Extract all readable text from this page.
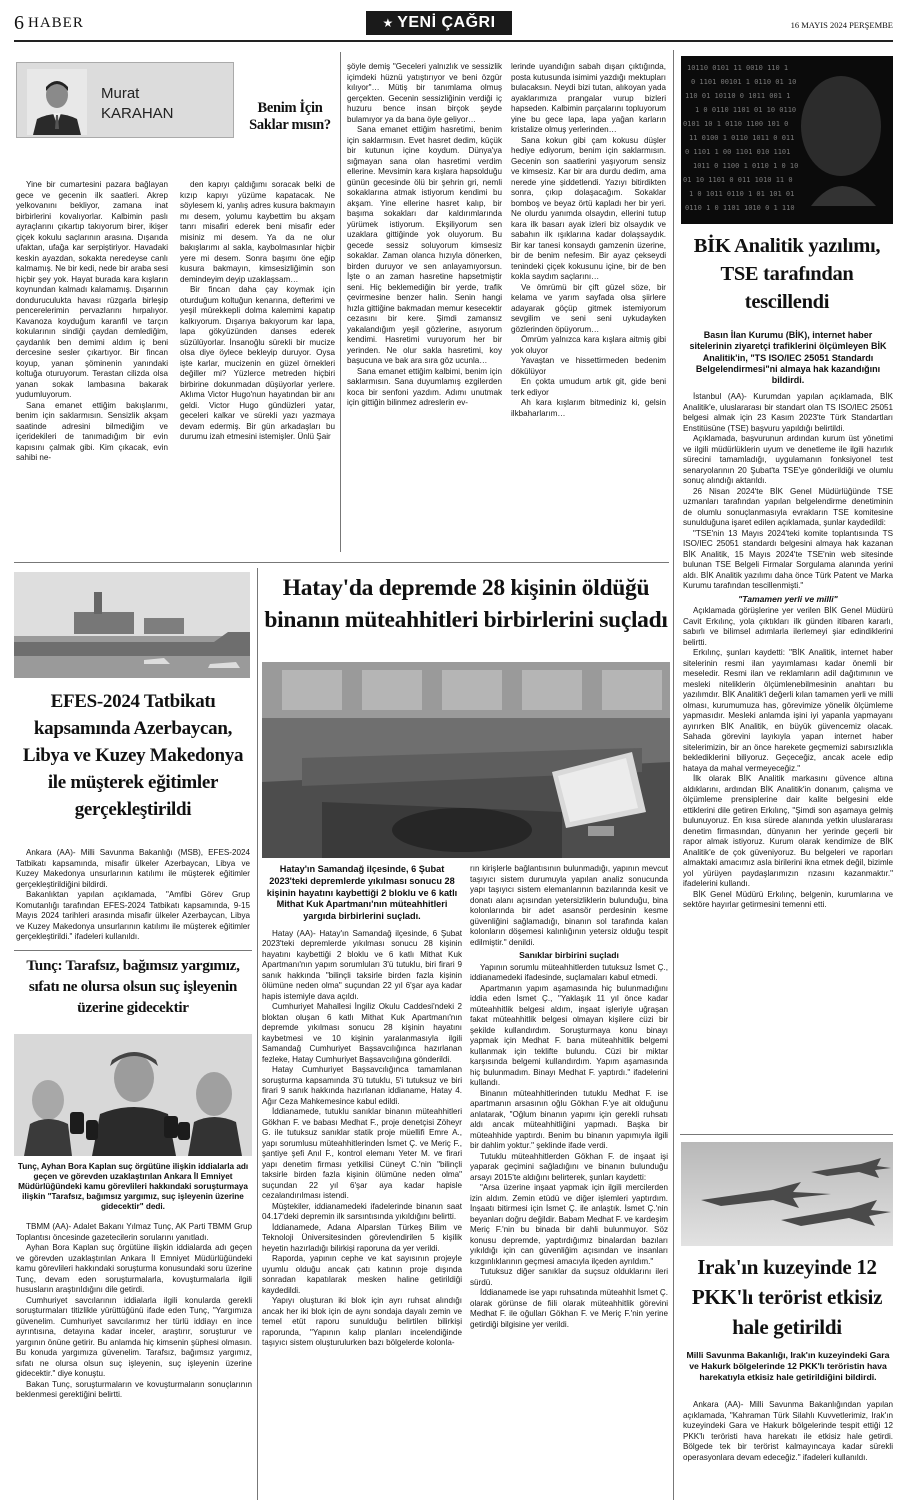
6 HABER	★ YENİ ÇAĞRI	16 MAYIS 2024 PERŞEMBE
Murat
KARAHAN	Benim İçin Saklar mısın?

Yine bir cumartesini pazara bağlayan gece ve gecenin ilk saatleri. Akrep yelkovanını bekliyor, zamana inat birbirlerini kovalıyorlar. Kalbimin paslı ayraçlarını çıkartıp takıyorum birer, ikişer çiçek kokulu saçlarının arasına. Dışarıda ufaktan, ufağa kar serpiştiriyor. Havadaki keskin ayazdan, sokakta neredeyse canlı kalmamış. Ne bir kedi, nede bir araba sesi hiçbir şey yok. Hayat burada kara kışların koynundan kalmadı kalamamış. Dışarının donduruculukta havası rüzgarla birleşip pencerelerimin pervazlarını hırpalıyor. Kavanoza koyduğum karanfil ve tarçın kokularının sindiği çaydan demlediğim, çaydanlık ben demimi aldım iç beni dercesine sesler çıkartıyor. Bir fincan koyup, yanan şöminenin yanındaki koltuğa oturuyorum. Terastan cilizda olsa yanan sokak lambasına bakarak yudumluyorum.

Sana emanet ettiğim bakışlarımı, benim için saklarmısın. Sensizlik akşam saatinde adresini bilmediğim ve içeridekileri de tanımadığım bir evin kapısını çalmak gibi. Kim çıkacak, evin sahibi ne-

den kapıyı çaldığımı soracak belki de kızıp kapıyı yüzüme kapatacak. Ne söylesem ki, yanlış adres kusura bakmayın mı desem, yolumu kaybettim bu akşam tanrı misafiri ederek beni misafir eder misiniz mi desem. Ya da ne olur bakışlarımı al sakla, kaybolmasınlar hiçbir yere mi desem. Sonra başımı öne eğip kusura bakmayın, kimsesizliğimin son demindeyim deyip uzaklaşsam…

Bir fincan daha çay koymak için oturduğum koltuğun kenarına, defterimi ve yeşil mürekkepli dolma kalemimi kapatıp kalkıyorum. Dışarıya bakıyorum kar lapa, lapa gökyüzünden danses ederek süzülüyorlar. İnsanoğlu sürekli bir mucize olsa diye öylece bekleyip duruyor. Oysa işte karlar, mucizenin en güzel örnekleri değiller mi? Yüzlerce metreden hiçbiri birbirine dokunmadan düşüyorlar yerlere. Aklıma Victor Hugo'nun hayatından bir anı geldi. Victor Hugo gündüzleri yatar, geceleri kalkar ve sürekli yazı yazmaya devam edermiş. Bir gün arkadaşları bu durumu izah etmesini istemişler. Ünlü Şair

şöyle demiş "Geceleri yalnızlık ve sessizlik içimdeki hüznü yatıştırıyor ve beni özgür kılıyor"… Mütiş bir tanımlama olmuş gerçekten. Gecenin sessizliğinin verdiği iç huzuru bence insan birçok şeyde bulamıyor ya da bana öyle geliyor…

Sana emanet ettiğim hasretimi, benim için saklarmısın. Evet hasret dedim, küçük bir kutunun içine koydum. Dünya'ya sığmayan sana olan hasretimi verdim ellerine. Mevsimin kara kışlara hapsolduğu günün gecesinde ölü bir şehrin gri, nemli sokaklarına atmak istiyorum kendimi bu akşam. Yine ellerine hasret kalıp, bir başıma sokakları dar kaldırımlarında yürümek istiyorum. Ekşiliyorum sen uzaklara gittiğinde yok oluyorum. Bu gecede sessiz soluyorum kimsesiz sokaklar. Zaman olanca hızıyla dönerken, birden duruyor ve sen anlayamıyorsun. İşte o an zaman hasretine hapsetmiştir seni. Hiç beklemediğin bir yerde, trafik çevirmesine benzer halin. Senin hangi hızla gittiğine bakmadan memur kesecektir cezasını bir kere. Şimdi zamansız yakalandığım yeşil gözlerine, asıyorum kendimi. Hasretimi vuruyorum her bir yerinden. Ne olur sakla hasretimi, koy başucuna ve bak ara sıra göz ucunla…

Sana emanet ettiğim kalbimi, benim için saklarmısın. Sana duyumlamış ezgilerden koca bir senfoni yazdım. Adımı unutmak için gittiğin bilinmez adreslerin ev-

lerinde uyandığın sabah dışarı çıktığında, posta kutusunda isimimi yazdığı mektupları bulacaksın. Neydi bizi tutan, alıkoyan yada ayaklarımıza prangalar vurup bizleri hapseden. Kalbimin parçalarını topluyorum yine bu gece lapa, lapa yağan karların kristalize olmuş yerlerinden…

Sana kokun gibi çam kokusu düşler hediye ediyorum, benim için saklarmısın. Gecenin son saatlerini yaşıyorum sensiz ve kimsesiz. Kar bir ara durdu dedim, ama nerede yine şiddetlendi. Yazıyı bitirdikten sonra, çıkıp dolaşacağım. Sokaklar bomboş ve beyaz örtü kapladı her bir yeri. Ne olurdu yanımda olsaydın, ellerini tutup kara ilk basarı ayak izleri biz olsaydık ve sabahın ilk ışıklarına kadar dolaşsaydık. Bir kar tanesi konsaydı gamzenin üzerine, bir de benim nefesim. Bir ayaz çekseydi tenindeki çiçek kokusunu içine, bir de ben kokla saydım saçlarını…

Ve ömrümü bir çift güzel söze, bir kelama ve yarım sayfada olsa şiirlere adayarak göçüp gitmek istemiyorum sevgilim ve seni seni uykudayken gözlerinden öpüyorum…

Ömrüm yalnızca kara kışlara aitmiş gibi yok oluyor

Yavaştan ve hissettirmeden bedenim dökülüyor

En çokta umudum artık git, gide beni terk ediyor

Ah kara kışlarım bitmediniz ki, gelsin ilkbaharlarım…

10110 0101 11 0010 110 1
0 1101 00101 1 0110 01 10
110 01 10110 0 1011 001 1
1 0 0110 1101 01 10 0110
0101 10 1 0110 1100 101 0
11 0100 1 0110 1011 0 011
0 1101 1 00 1101 010 1101
1011 0 1100 1 0110 1 0 10
01 10 1101 0 011 1010 11 0
1 0 1011 0110 1 01 101 01
0110 1 0 1101 1010 0 1 110
BİK Analitik yazılımı, TSE tarafından tescillendi
Basın İlan Kurumu (BİK), internet haber sitelerinin ziyaretçi trafiklerini ölçümleyen BİK Analitik'in, "TS ISO/IEC 25051 Standardı Belgelendirmesi"ni almaya hak kazandığını bildirdi.

İstanbul (AA)- Kurumdan yapılan açıklamada, BİK Analitik'e, uluslararası bir standart olan TS ISO/IEC 25051 belgesi almak için 23 Kasım 2023'te Türk Standartları Enstitüsüne (TSE) başvuru yapıldığı belirtildi.

Açıklamada, başvurunun ardından kurum üst yönetimi ve ilgili müdürlüklerin uyum ve denetleme ile ilgili hazırlık sürecini tamamladığı, uygulamanın fonksiyonel test senaryolarının 20 Şubat'ta TSE'ye gönderildiği ve olumlu sonuç alındığı aktarıldı.

26 Nisan 2024'te BİK Genel Müdürlüğünde TSE uzmanları tarafından yapılan belgelendirme denetiminin de olumlu sonuçlanmasıyla evrakların TSE komitesine sunulduğuna işaret edilen açıklamada, şunlar kaydedildi:

"TSE'nin 13 Mayıs 2024'teki komite toplantısında TS ISO/IEC 25051 standardı belgesini almaya hak kazanan BİK Analitik, 15 Mayıs 2024'te TSE'nin web sitesinde bulunan TSE Belgeli Firmalar Sorgulama alanında yerini aldı. BİK Analitik yazılımı daha önce Türk Patent ve Marka Kurumu tarafından tescillenmişti."

"Tamamen yerli ve milli"

Açıklamada görüşlerine yer verilen BİK Genel Müdürü Cavit Erkılınç, yola çıktıkları ilk günden itibaren kararlı, sabırlı ve bilimsel adımlarla ilerlemeyi şiar edindiklerini belirtti.

Erkılınç, şunları kaydetti: "BİK Analitik, internet haber sitelerinin resmi ilan yayımlaması kadar önemli bir meseledir. Resmi ilan ve reklamların adil dağıtımının ve mesleki niteliklerin ölçümlenebilmesinin anahtarı bu yazılımdır. BİK Analitik'i değerli kılan tamamen yerli ve milli olması, kurumumuza has, görevimize yönelik ölçümleme yapmasıdır. Mesleki anlamda işini iyi yapanla yapmayanı ayırırken BİK Analitik, en büyük güvencemiz olacak. Sahada görevini layıkıyla yapan internet haber sitelerimizin, bir an önce harekete geçmemizi sabırsızlıkla beklediklerini biliyoruz. Geçeceğiz, ancak acele edip hataya da mahal vermeyeceğiz."

İlk olarak BİK Analitik markasını güvence altına aldıklarını, ardından BİK Analitik'in donanım, çalışma ve ölçümleme prensiplerine dair kalite belgesini elde ettiklerini dile getiren Erkılınç, "Şimdi son aşamaya gelmiş bulunuyoruz. En kısa sürede alanında yetkin uluslararası denetim firmasından, dünyanın her yerinde geçerli bir rapor almak istiyoruz. Kurum olarak kendimize de BİK Analitik'e de çok güveniyoruz. Bu belgeleri ve raporları almaktaki amacımız asla birilerini ikna etmek değil, bizimle yol yürüyen paydaşlarımızın rızasını kazanmaktır." ifadelerini kullandı.

BİK Genel Müdürü Erkılınç, belgenin, kurumlarına ve sektöre hayırlar getirmesini temenni etti.

Irak'ın kuzeyinde 12 PKK'lı terörist etkisiz hale getirildi
Milli Savunma Bakanlığı, Irak'ın kuzeyindeki Gara ve Hakurk bölgelerinde 12 PKK'lı teröristin hava harekatıyla etkisiz hale getirildiğini bildirdi.

Ankara (AA)- Milli Savunma Bakanlığından yapılan açıklamada, "Kahraman Türk Silahlı Kuvvetlerimiz, Irak'ın kuzeyindeki Gara ve Hakurk bölgelerinde tespit ettiği 12 PKK'lı teröristi hava harekatı ile etkisiz hale getirdi. Bölgede tek bir terörist kalmayıncaya kadar sürekli operasyonlara devam edeceğiz." ifadeleri kullanıldı.

EFES-2024 Tatbikatı kapsamında Azerbaycan, Libya ve Kuzey Makedonya ile müşterek eğitimler gerçekleştirildi

Ankara (AA)- Milli Savunma Bakanlığı (MSB), EFES-2024 Tatbikatı kapsamında, misafir ülkeler Azerbaycan, Libya ve Kuzey Makedonya unsurlarının katılımı ile müşterek eğitimler gerçekleştirildiğini bildirdi.

Bakanlıktan yapılan açıklamada, "Amfibi Görev Grup Komutanlığı tarafından EFES-2024 Tatbikatı kapsamında, 9-15 Mayıs 2024 tarihleri arasında misafir ülkeler Azerbaycan, Libya ve Kuzey Makedonya unsurlarının katılımı ile müşterek eğitimler gerçekleştirildi." ifadeleri kullanıldı.

Tunç: Tarafsız, bağımsız yargımız, sıfatı ne olursa olsun suç işleyenin üzerine gidecektir
Tunç, Ayhan Bora Kaplan suç örgütüne ilişkin iddialarla adı geçen ve görevden uzaklaştırılan Ankara İl Emniyet Müdürlüğündeki kamu görevlileri hakkındaki soruşturmaya ilişkin "Tarafsız, bağımsız yargımız, suç işleyenin üzerine gidecektir" dedi.

TBMM (AA)- Adalet Bakanı Yılmaz Tunç, AK Parti TBMM Grup Toplantısı öncesinde gazetecilerin sorularını yanıtladı.

Ayhan Bora Kaplan suç örgütüne ilişkin iddialarda adı geçen ve görevden uzaklaştırılan Ankara İl Emniyet Müdürlüğündeki kamu görevlileri hakkındaki soruşturma konusundaki soru üzerine Tunç, devam eden soruşturmalarla, kovuşturmalarla ilgili hususların araştırıldığını dile getirdi.

Cumhuriyet savcılarının iddialarla ilgili konularda gerekli soruşturmaları titizlikle yürüttüğünü ifade eden Tunç, "Yargımıza güvenelim. Cumhuriyet savcılarımız her türlü iddiayı en ince ayrıntısına, detayına kadar inceler, araştırır, soruşturur ve yargının önüne getirir. Bu anlamda hiç kimsenin şüphesi olmasın. Bu konuda yargımıza güvenelim. Tarafsız, bağımsız yargımız, sıfatı ne olursa olsun suç işleyenin, suç işleyenin üzerine gidecektir." diye konuştu.

Bakan Tunç, soruşturmaların ve kovuşturmaların sonuçlarının beklenmesi gerektiğini belirtti.

Hatay'da depremde 28 kişinin öldüğü binanın müteahhitleri birbirlerini suçladı
Hatay'ın Samandağ ilçesinde, 6 Şubat 2023'teki depremlerde yıkılması sonucu 28 kişinin hayatını kaybettiği 2 bloklu ve 6 katlı Mithat Kuk Apartmanı'nın müteahhitleri yargıda birbirlerini suçladı.

Hatay (AA)- Hatay'ın Samandağ ilçesinde, 6 Şubat 2023'teki depremlerde yıkılması sonucu 28 kişinin hayatını kaybettiği 2 bloklu ve 6 katlı Mithat Kuk Apartmanı'nın yapım sorumluları 3'ü tutuklu, biri firari 9 sanık hakkında "bilinçli taksirle birden fazla kişinin ölümüne neden olma" suçundan 22 yıl 6'şar aya kadar hapis istemiyle dava açıldı.

Cumhuriyet Mahallesi İngiliz Okulu Caddesi'ndeki 2 bloktan oluşan 6 katlı Mithat Kuk Apartmanı'nın depremde yıkılması sonucu 28 kişinin hayatını kaybetmesi ve 10 kişinin yaralanmasıyla ilgili Samandağ Cumhuriyet Başsavcılığınca hazırlanan fezleke, Hatay Cumhuriyet Başsavcılığına gönderildi.

Hatay Cumhuriyet Başsavcılığınca tamamlanan soruşturma kapsamında 3'ü tutuklu, 5'i tutuksuz ve biri firari 9 sanık hakkında hazırlanan iddianame, Hatay 4. Ağır Ceza Mahkemesince kabul edildi.

İddianamede, tutuklu sanıklar binanın müteahhitleri Gökhan F. ve babası Medhat F., proje denetçisi Zöheyr G. ile tutuksuz sanıklar statik proje müellifi Emre A., yapı sorumlusu müteahhitlerinden İsmet Ç. ve Meriç F., şantiye şefi Anıl F., kontrol elemanı Yeter M. ve firari yapı denetim firması yetkilisi Cüneyt C.'nin "bilinçli taksirle birden fazla kişinin ölümüne neden olma" suçundan 22 yıl 6'şar aya kadar hapisle cezalandırılması istendi.

Müştekiler, iddianamedeki ifadelerinde binanın saat 04.17'deki depremin ilk sarsıntısında yıkıldığını belirtti.

İddianamede, Adana Alparslan Türkeş Bilim ve Teknoloji Üniversitesinden görevlendirilen 5 kişilik heyetin hazırladığı bilirkişi raporuna da yer verildi.

Raporda, yapının cephe ve kat sayısının projeyle uyumlu olduğu ancak çatı katının proje dışında sonradan kapatılarak mesken haline getirildiği kaydedildi.

Yapıyı oluşturan iki blok için ayrı ruhsat alındığı ancak her iki blok için de aynı sondaja dayalı zemin ve temel etüt raporu sunulduğu belirtilen bilirkişi raporunda, "Yapının kalıp planları incelendiğinde taşıyıcı sistem oluşturulurken bazı bölgelerde kolonla-

rın kirişlerle bağlantısının bulunmadığı, yapının mevcut taşıyıcı sistem durumuyla yapılan analiz sonucunda yapı taşıyıcı sistem elemanlarının bazılarında kesit ve donatı alanı açısından yetersizliklerin bulunduğu, bina kolonlarında bir adet asansör perdesinin kesme güvenliğini sağlamadığı, binanın sol tarafında kalan kolonların döşemesi kalınlığının yetersiz olduğu tespit edilmiştir." denildi.

Sanıklar birbirini suçladı

Yapının sorumlu müteahhitlerden tutuksuz İsmet Ç., iddianamedeki ifadesinde, suçlamaları kabul etmedi.

Apartmanın yapım aşamasında hiç bulunmadığını iddia eden İsmet Ç., "Yaklaşık 11 yıl önce kadar müteahhitlik belgesi aldım, inşaat işleriyle uğraşan fakat müteahhitlik belgesi olmayan kişilere cüzi bir şekilde kullandırdım. Soruşturmaya konu binayı yapmak için Medhat F. bana müteahhitlik belgemi kullanmak için teklifte bulundu. Cüzi bir miktar karşısında belgemi kullandırdım. Yapım aşamasında hiç bulunmadım. Binayı Medhat F. yaptırdı." ifadelerini kullandı.

Binanın müteahhitlerinden tutuklu Medhat F. ise apartmanın arsasının oğlu Gökhan F.'ye ait olduğunu anlatarak, "Oğlum binanın yapımı için gerekli ruhsatı aldı ancak müteahhitliğini yapmadı. Başka bir müteahhide yaptırdı. Benim bu binanın yapımıyla ilgili bir dahlim yoktur." şeklinde ifade verdi.

Tutuklu müteahhitlerden Gökhan F. de inşaat işi yaparak geçimini sağladığını ve binanın bulunduğu arsayı 2015'te aldığını belirterek, şunları kaydetti:

"Arsa üzerine inşaat yapmak için ilgili mercilerden izin aldım. Zemin etüdü ve diğer işlemleri yaptırdım. İnşaatı bitirmesi için İsmet Ç. ile anlaştık. İsmet Ç.'nin beyanları doğru değildir. Babam Medhat F. ve kardeşim Meriç F.'nin bu binada bir dahli bulunmuyor. Söz konusu depremde, yaptırdığımız binalardan bazıları yıkıldığı için can güvenliğim açısından ve insanları kızgınlıklarının geçmesi amacıyla ilçeden ayrıldım."

Tutuksuz diğer sanıklar da suçsuz olduklarını ileri sürdü.

İddianamede ise yapı ruhsatında müteahhit İsmet Ç. olarak görünse de fiili olarak müteahhitlik görevini Medhat F. ile oğulları Gökhan F. ve Meriç F.'nin yerine getirdiği bilgisine yer verildi.
